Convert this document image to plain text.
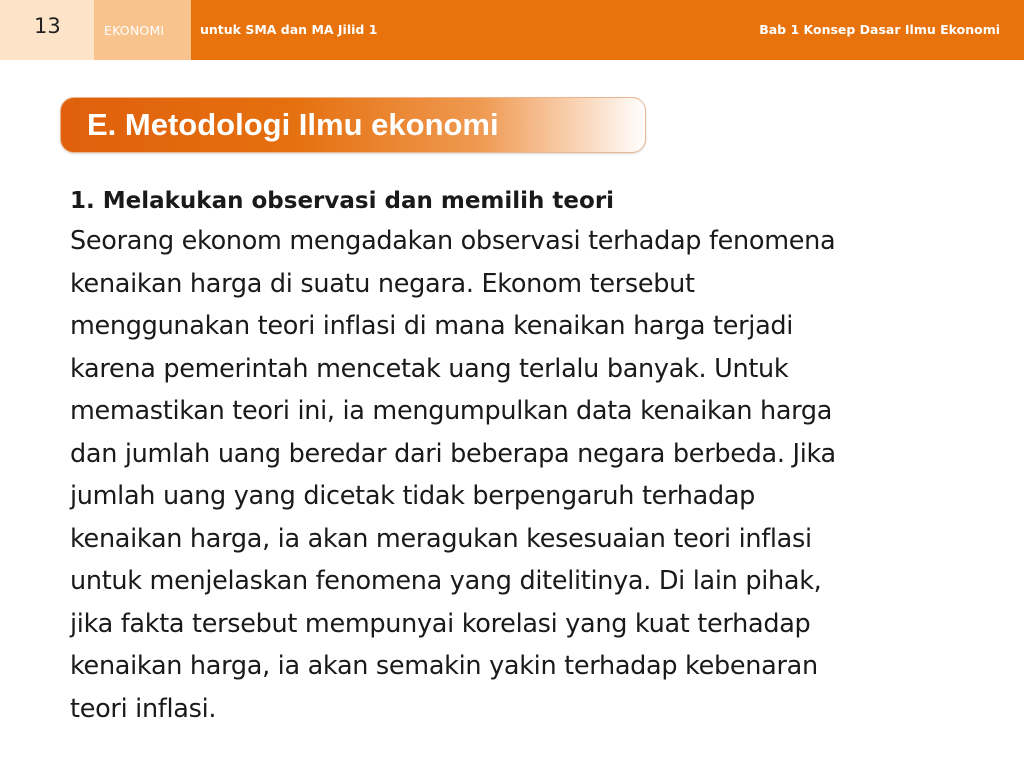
13	EKONOMI	untuk SMA dan MA Jilid 1	Bab 1 Konsep Dasar Ilmu Ekonomi
E. Metodologi Ilmu ekonomi
1. Melakukan observasi dan memilih teori
Seorang ekonom mengadakan observasi terhadap fenomena
kenaikan harga di suatu negara. Ekonom tersebut
menggunakan teori inflasi di mana kenaikan harga terjadi
karena pemerintah mencetak uang terlalu banyak. Untuk
memastikan teori ini, ia mengumpulkan data kenaikan harga
dan jumlah uang beredar dari beberapa negara berbeda. Jika
jumlah uang yang dicetak tidak berpengaruh terhadap
kenaikan harga, ia akan meragukan kesesuaian teori inflasi
untuk menjelaskan fenomena yang ditelitinya. Di lain pihak,
jika fakta tersebut mempunyai korelasi yang kuat terhadap
kenaikan harga, ia akan semakin yakin terhadap kebenaran
teori inflasi.
